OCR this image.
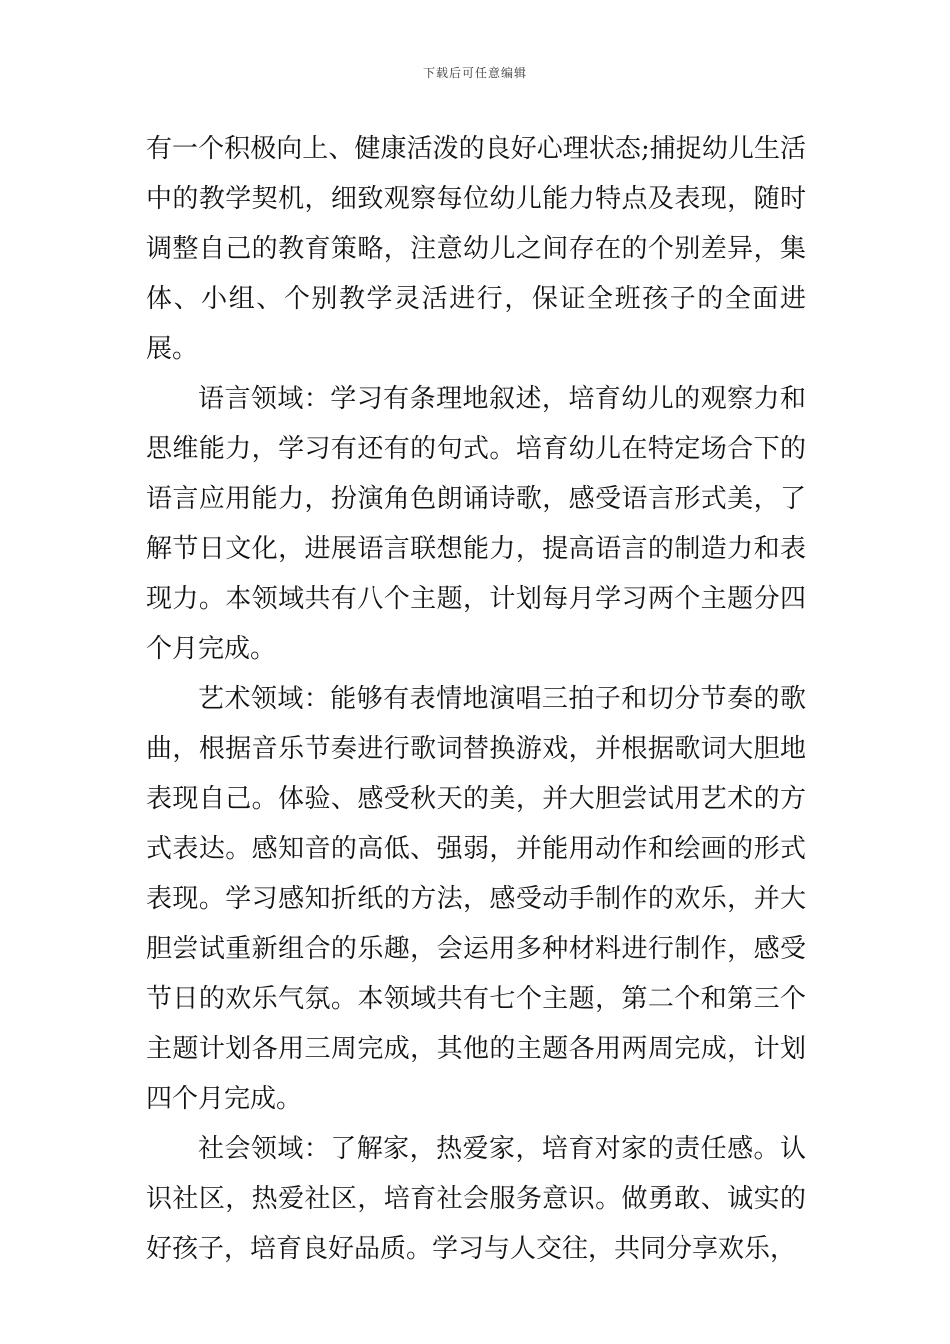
下载后可任意编辑

有一个积极向上、健康活泼的良好心理状态;捕捉幼儿生活中的教学契机，细致观察每位幼儿能力特点及表现，随时调整自己的教育策略，注意幼儿之间存在的个别差异，集体、小组、个别教学灵活进行，保证全班孩子的全面进展。

语言领域：学习有条理地叙述，培育幼儿的观察力和思维能力，学习有还有的句式。培育幼儿在特定场合下的语言应用能力，扮演角色朗诵诗歌，感受语言形式美，了解节日文化，进展语言联想能力，提高语言的制造力和表现力。本领域共有八个主题，计划每月学习两个主题分四个月完成。

艺术领域：能够有表情地演唱三拍子和切分节奏的歌曲，根据音乐节奏进行歌词替换游戏，并根据歌词大胆地表现自己。体验、感受秋天的美，并大胆尝试用艺术的方式表达。感知音的高低、强弱，并能用动作和绘画的形式表现。学习感知折纸的方法，感受动手制作的欢乐，并大胆尝试重新组合的乐趣，会运用多种材料进行制作，感受节日的欢乐气氛。本领域共有七个主题，第二个和第三个主题计划各用三周完成，其他的主题各用两周完成，计划四个月完成。

社会领域：了解家，热爱家，培育对家的责任感。认识社区，热爱社区，培育社会服务意识。做勇敢、诚实的好孩子，培育良好品质。学习与人交往，共同分享欢乐，
